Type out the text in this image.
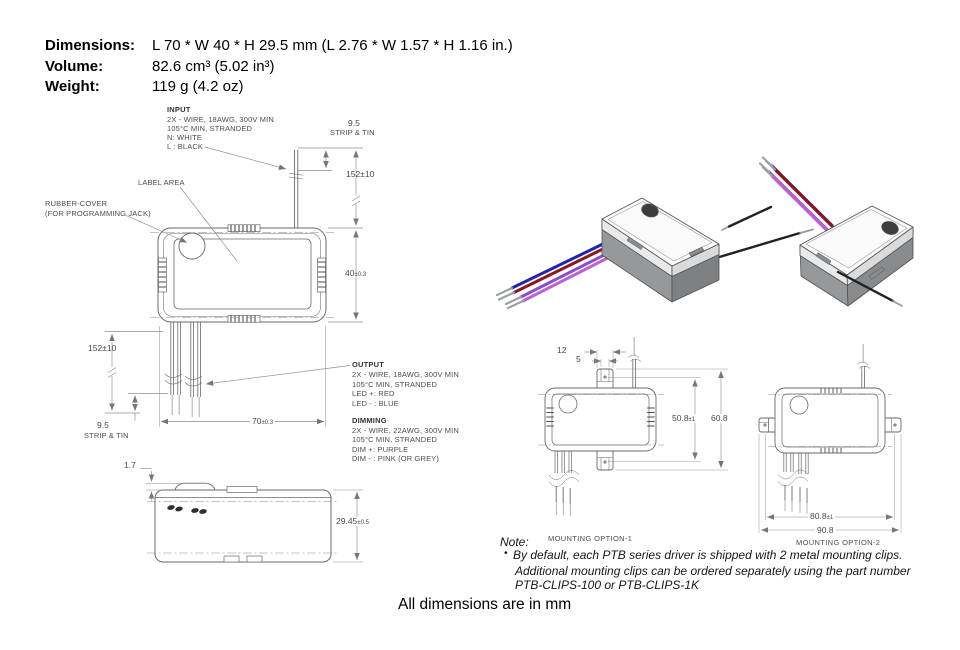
Dimensions: L 70 * W 40 * H 29.5 mm (L 2.76 * W 1.57 * H 1.16 in.)
Volume:	82.6 cm³ (5.02 in³)
Weight:	119 g (4.2 oz)
INPUT
2X - WIRE, 18AWG, 300V MIN
105°C MIN, STRANDED
N: WHITE
L : BLACK
LABEL AREA
RUBBER-COVER
(FOR PROGRAMMING JACK)
OUTPUT
2X - WIRE, 18AWG, 300V MIN
105°C MIN, STRANDED
LED +: RED
LED - : BLUE
DIMMING
2X - WIRE, 22AWG, 300V MIN
105°C MIN, STRANDED
DIM +: PURPLE
DIM - : PINK (OR GREY)
9.5
STRIP & TIN
152±10
40±0.3
152±10
9.5
STRIP & TIN
70±0.3
1.7
29.45±0.5
12
5
50.8±1 60.8
MOUNTING OPTION-1
80.8±1
90.8
MOUNTING OPTION-2
Note:
• By default, each PTB series driver is shipped with 2 metal mounting clips.
Additional mounting clips can be ordered separately using the part number
PTB-CLIPS-100 or PTB-CLIPS-1K
All dimensions are in mm
